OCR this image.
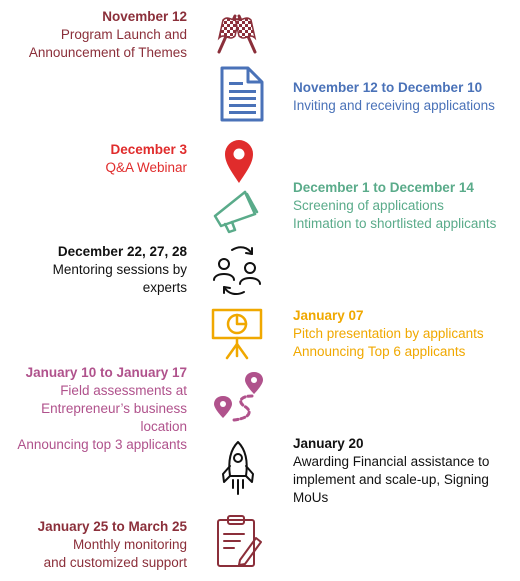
November 12
Program Launch and
Announcement of Themes
November 12 to December 10
Inviting and receiving applications
December 3
Q&A Webinar
December 1 to December 14
Screening of applications
Intimation to shortlisted applicants
December 22, 27, 28
Mentoring sessions by
experts
January 07
Pitch presentation by applicants
Announcing Top 6 applicants
January 10 to January 17
Field assessments at
Entrepreneur’s business
location
Announcing top 3 applicants	January 20
Awarding Financial assistance to
implement and scale-up, Signing
MoUs
January 25 to March 25
Monthly monitoring
and customized support
